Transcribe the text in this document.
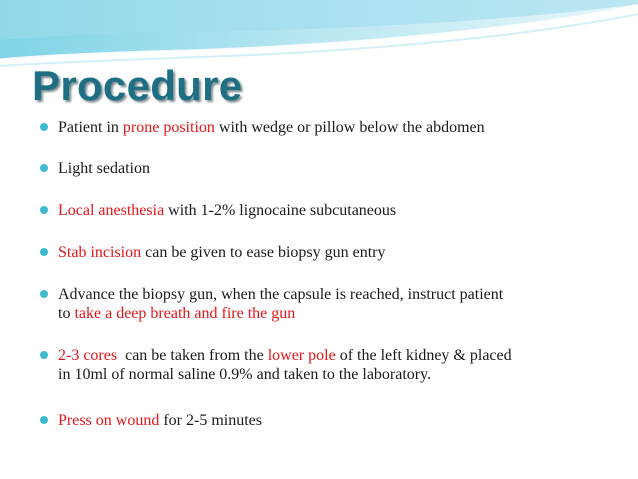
Procedure
Patient in prone position with wedge or pillow below the abdomen
Light sedation
Local anesthesia with 1-2% lignocaine subcutaneous
Stab incision can be given to ease biopsy gun entry
Advance the biopsy gun, when the capsule is reached, instruct patient
to take a deep breath and fire the gun
2-3 cores  can be taken from the lower pole of the left kidney & placed
in 10ml of normal saline 0.9% and taken to the laboratory.
Press on wound for 2-5 minutes
